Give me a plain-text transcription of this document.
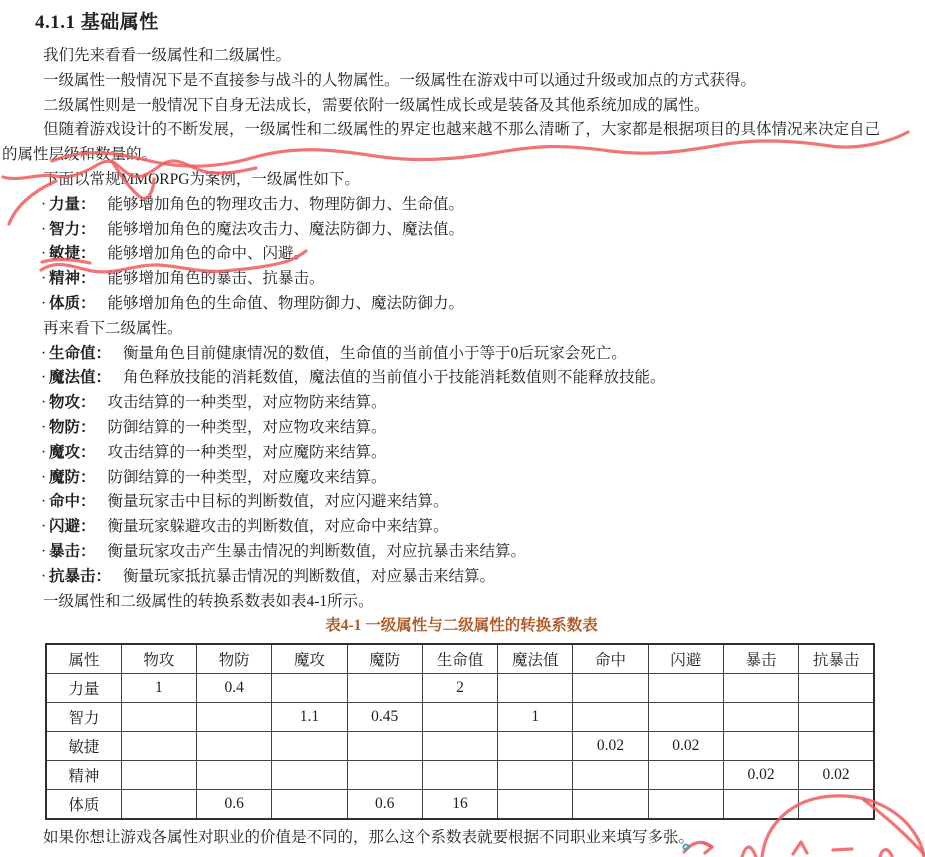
4.1.1 基础属性

我们先来看看一级属性和二级属性。

一级属性一般情况下是不直接参与战斗的人物属性。一级属性在游戏中可以通过升级或加点的方式获得。

二级属性则是一般情况下自身无法成长，需要依附一级属性成长或是装备及其他系统加成的属性。

但随着游戏设计的不断发展，一级属性和二级属性的界定也越来越不那么清晰了，大家都是根据项目的具体情况来决定自己的属性层级和数量的。

下面以常规MMORPG为案例，一级属性如下。

· 力量： 能够增加角色的物理攻击力、物理防御力、生命值。

· 智力： 能够增加角色的魔法攻击力、魔法防御力、魔法值。

· 敏捷： 能够增加角色的命中、闪避。

· 精神： 能够增加角色的暴击、抗暴击。

· 体质： 能够增加角色的生命值、物理防御力、魔法防御力。

再来看下二级属性。

· 生命值： 衡量角色目前健康情况的数值，生命值的当前值小于等于0后玩家会死亡。

· 魔法值： 角色释放技能的消耗数值，魔法值的当前值小于技能消耗数值则不能释放技能。

· 物攻： 攻击结算的一种类型，对应物防来结算。

· 物防： 防御结算的一种类型，对应物攻来结算。

· 魔攻： 攻击结算的一种类型，对应魔防来结算。

· 魔防： 防御结算的一种类型，对应魔攻来结算。

· 命中： 衡量玩家击中目标的判断数值，对应闪避来结算。

· 闪避： 衡量玩家躲避攻击的判断数值，对应命中来结算。

· 暴击： 衡量玩家攻击产生暴击情况的判断数值，对应抗暴击来结算。

· 抗暴击： 衡量玩家抵抗暴击情况的判断数值，对应暴击来结算。

一级属性和二级属性的转换系数表如表4-1所示。

表4-1 一级属性与二级属性的转换系数表

属性	物攻	物防	魔攻	魔防	生命值	魔法值	命中	闪避	暴击	抗暴击
力量	1	0.4			2					
智力			1.1	0.45		1				
敏捷							0.02	0.02		
精神									0.02	0.02
体质		0.6		0.6	16					

如果你想让游戏各属性对职业的价值是不同的，那么这个系数表就要根据不同职业来填写多张。
